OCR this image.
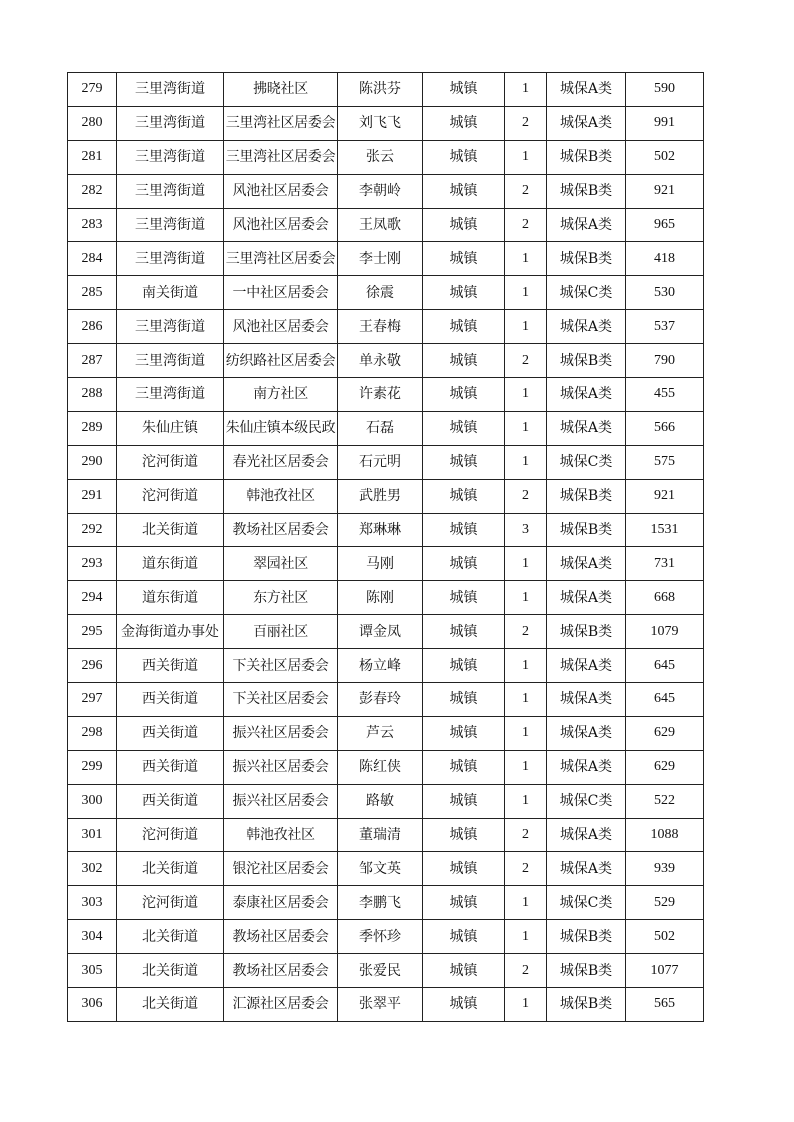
279	三里湾街道	拂晓社区	陈洪芬	城镇	1	城保A类	590
280	三里湾街道	三里湾社区居委会	刘飞飞	城镇	2	城保A类	991
281	三里湾街道	三里湾社区居委会	张云	城镇	1	城保B类	502
282	三里湾街道	风池社区居委会	李朝岭	城镇	2	城保B类	921
283	三里湾街道	风池社区居委会	王凤歌	城镇	2	城保A类	965
284	三里湾街道	三里湾社区居委会	李士刚	城镇	1	城保B类	418
285	南关街道	一中社区居委会	徐震	城镇	1	城保C类	530
286	三里湾街道	风池社区居委会	王春梅	城镇	1	城保A类	537
287	三里湾街道	纺织路社区居委会	单永敬	城镇	2	城保B类	790
288	三里湾街道	南方社区	许素花	城镇	1	城保A类	455
289	朱仙庄镇	朱仙庄镇本级民政	石磊	城镇	1	城保A类	566
290	沱河街道	春光社区居委会	石元明	城镇	1	城保C类	575
291	沱河街道	韩池孜社区	武胜男	城镇	2	城保B类	921
292	北关街道	教场社区居委会	郑琳琳	城镇	3	城保B类	1531
293	道东街道	翠园社区	马刚	城镇	1	城保A类	731
294	道东街道	东方社区	陈刚	城镇	1	城保A类	668
295	金海街道办事处	百丽社区	谭金凤	城镇	2	城保B类	1079
296	西关街道	下关社区居委会	杨立峰	城镇	1	城保A类	645
297	西关街道	下关社区居委会	彭春玲	城镇	1	城保A类	645
298	西关街道	振兴社区居委会	芦云	城镇	1	城保A类	629
299	西关街道	振兴社区居委会	陈红侠	城镇	1	城保A类	629
300	西关街道	振兴社区居委会	路敏	城镇	1	城保C类	522
301	沱河街道	韩池孜社区	董瑞清	城镇	2	城保A类	1088
302	北关街道	银沱社区居委会	邹文英	城镇	2	城保A类	939
303	沱河街道	泰康社区居委会	李鹏飞	城镇	1	城保C类	529
304	北关街道	教场社区居委会	季怀珍	城镇	1	城保B类	502
305	北关街道	教场社区居委会	张爱民	城镇	2	城保B类	1077
306	北关街道	汇源社区居委会	张翠平	城镇	1	城保B类	565
